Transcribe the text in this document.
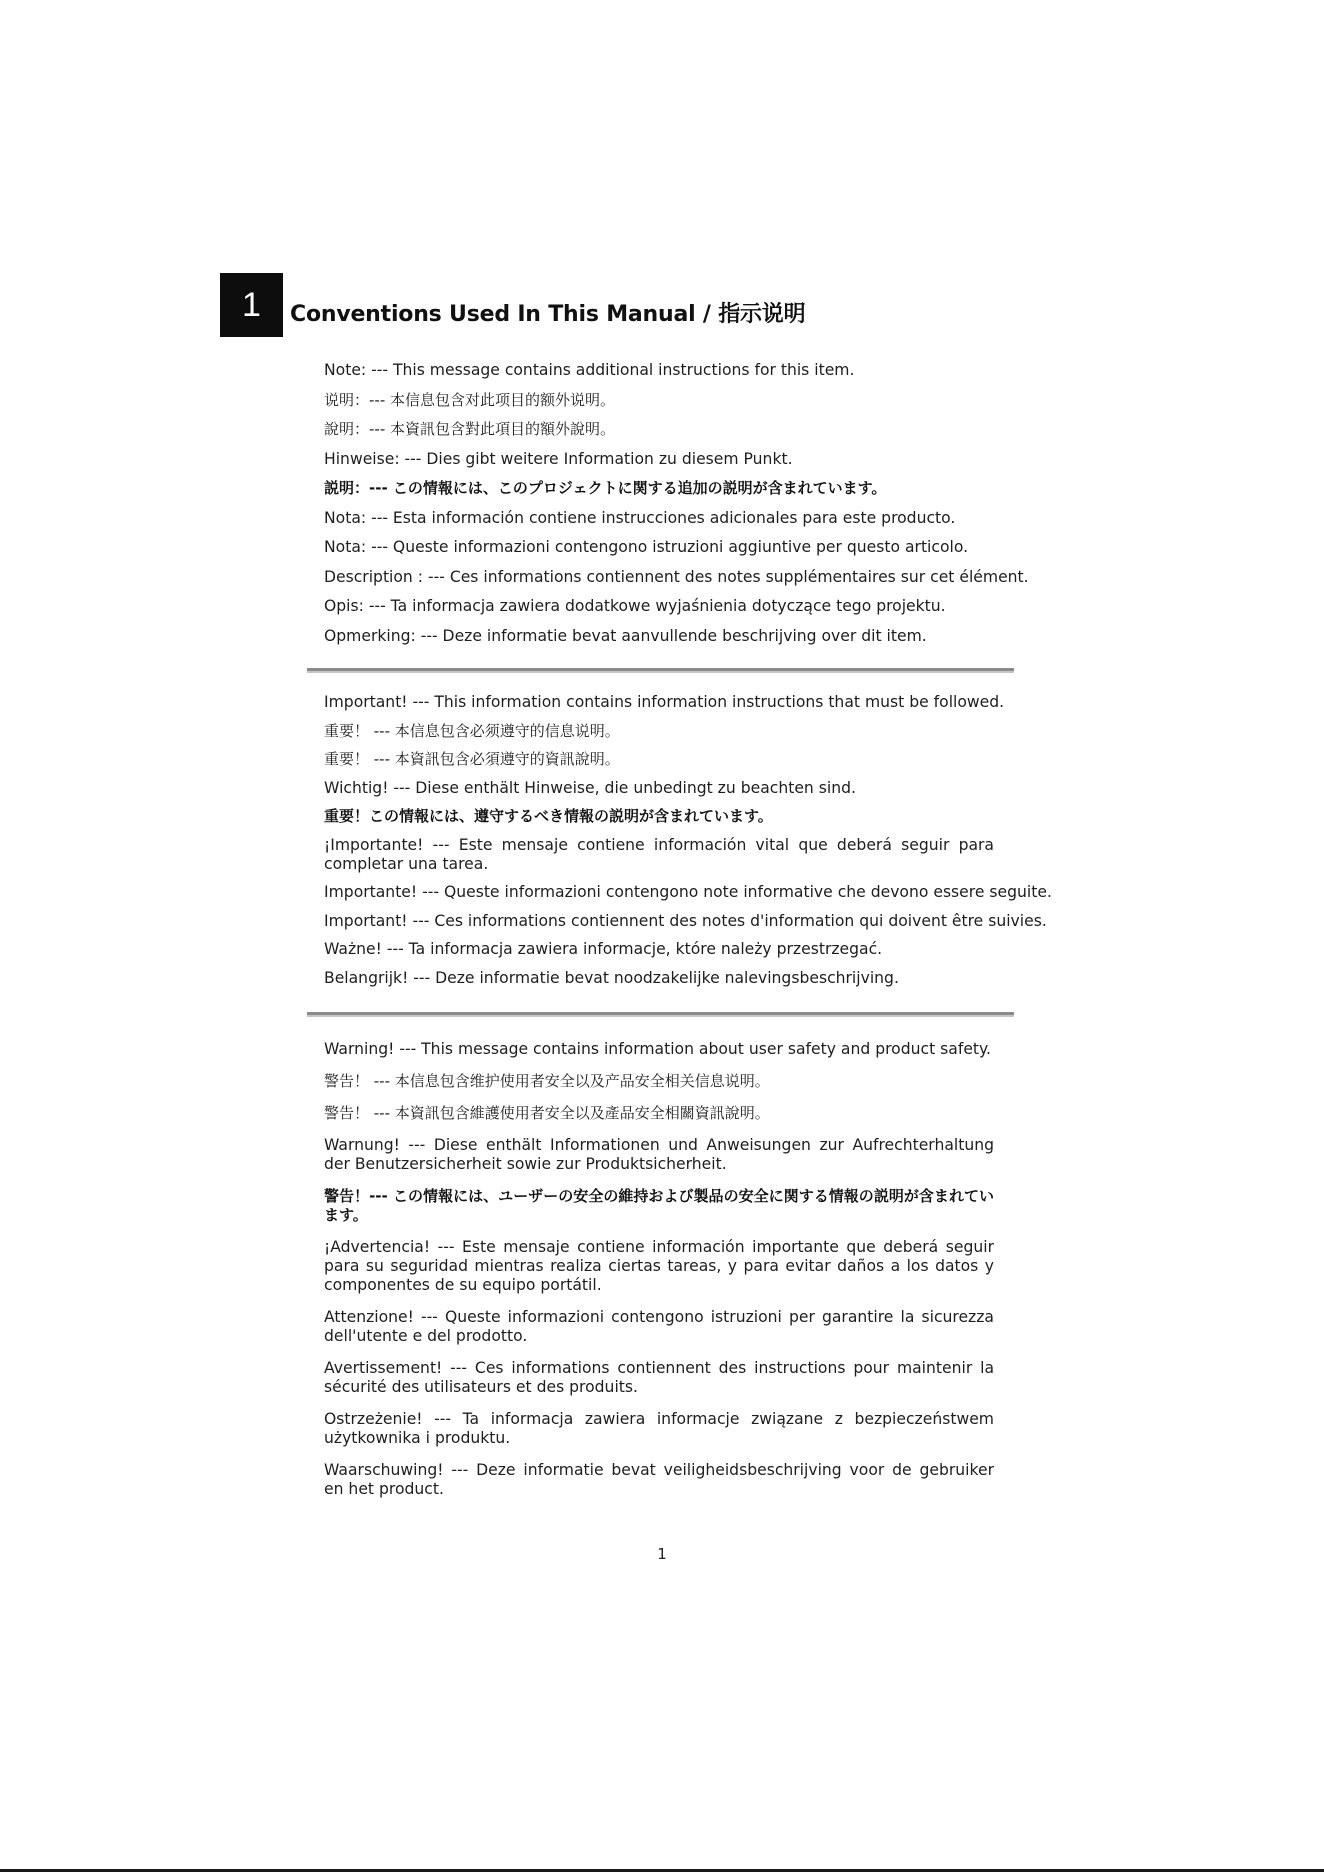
1	Conventions Used In This Manual / 指示说明
Note: --- This message contains additional instructions for this item.
说明：--- 本信息包含对此项目的额外说明。
說明：--- 本資訊包含對此項目的額外說明。
Hinweise: --- Dies gibt weitere Information zu diesem Punkt.
説明：--- この情報には、このプロジェクトに関する追加の説明が含まれています。
Nota: --- Esta información contiene instrucciones adicionales para este producto.
Nota: --- Queste informazioni contengono istruzioni aggiuntive per questo articolo.
Description : --- Ces informations contiennent des notes supplémentaires sur cet élément.
Opis: --- Ta informacja zawiera dodatkowe wyjaśnienia dotyczące tego projektu.
Opmerking: --- Deze informatie bevat aanvullende beschrijving over dit item.
Important! --- This information contains information instructions that must be followed.
重要！ --- 本信息包含必须遵守的信息说明。
重要！ --- 本資訊包含必須遵守的資訊說明。
Wichtig! --- Diese enthält Hinweise, die unbedingt zu beachten sind.
重要！この情報には、遵守するべき情報の説明が含まれています。
¡Importante! --- Este mensaje contiene información vital que deberá seguir para completar una tarea.
Importante! --- Queste informazioni contengono note informative che devono essere seguite.
Important! --- Ces informations contiennent des notes d'information qui doivent être suivies.
Ważne! --- Ta informacja zawiera informacje, które należy przestrzegać.
Belangrijk! --- Deze informatie bevat noodzakelijke nalevingsbeschrijving.
Warning! --- This message contains information about user safety and product safety.
警告！ --- 本信息包含维护使用者安全以及产品安全相关信息说明。
警告！ --- 本資訊包含維護使用者安全以及產品安全相關資訊說明。
Warnung! --- Diese enthält Informationen und Anweisungen zur Aufrechterhaltung der Benutzersicherheit sowie zur Produktsicherheit.
警告！--- この情報には、ユーザーの安全の維持および製品の安全に関する情報の説明が含まれています。
¡Advertencia! --- Este mensaje contiene información importante que deberá seguir para su seguridad mientras realiza ciertas tareas, y para evitar daños a los datos y componentes de su equipo portátil.
Attenzione! --- Queste informazioni contengono istruzioni per garantire la sicurezza dell'utente e del prodotto.
Avertissement! --- Ces informations contiennent des instructions pour maintenir la sécurité des utilisateurs et des produits.
Ostrzeżenie! --- Ta informacja zawiera informacje związane z bezpieczeństwem użytkownika i produktu.
Waarschuwing! --- Deze informatie bevat veiligheidsbeschrijving voor de gebruiker en het product.
1
